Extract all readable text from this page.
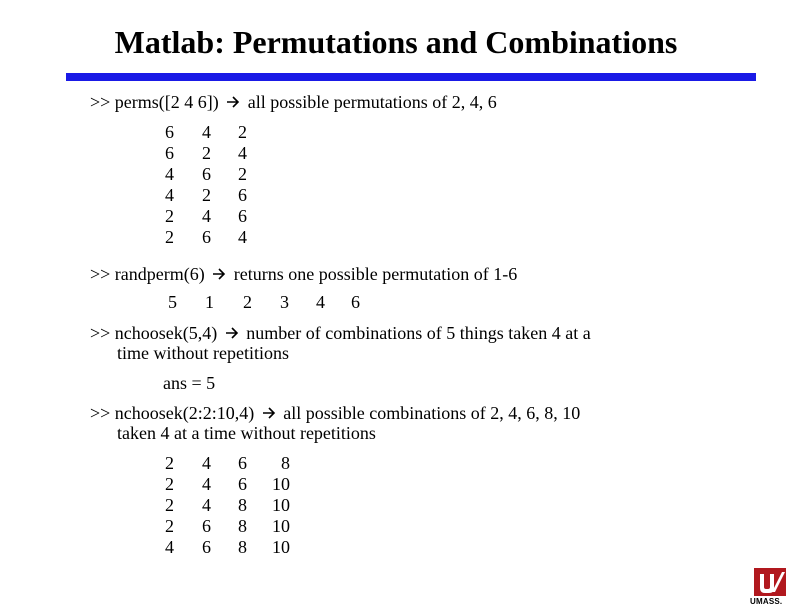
Matlab: Permutations and Combinations
>> perms([2 4 6]) all possible permutations of 2, 4, 6
6	4	2
6	2	4
4	6	2
4	2	6
2	4	6
2	6	4
>> randperm(6) returns one possible permutation of 1-6
5	1	2	3	4	6
>> nchoosek(5,4) number of combinations of 5 things taken 4 at a
time without repetitions
ans = 5
>> nchoosek(2:2:10,4) all possible combinations of 2, 4, 6, 8, 10
taken 4 at a time without repetitions
2	4	6	8
2	4	6 10
2	4	8 10
2	6	8 10
4	6	8 10
UMASS.
